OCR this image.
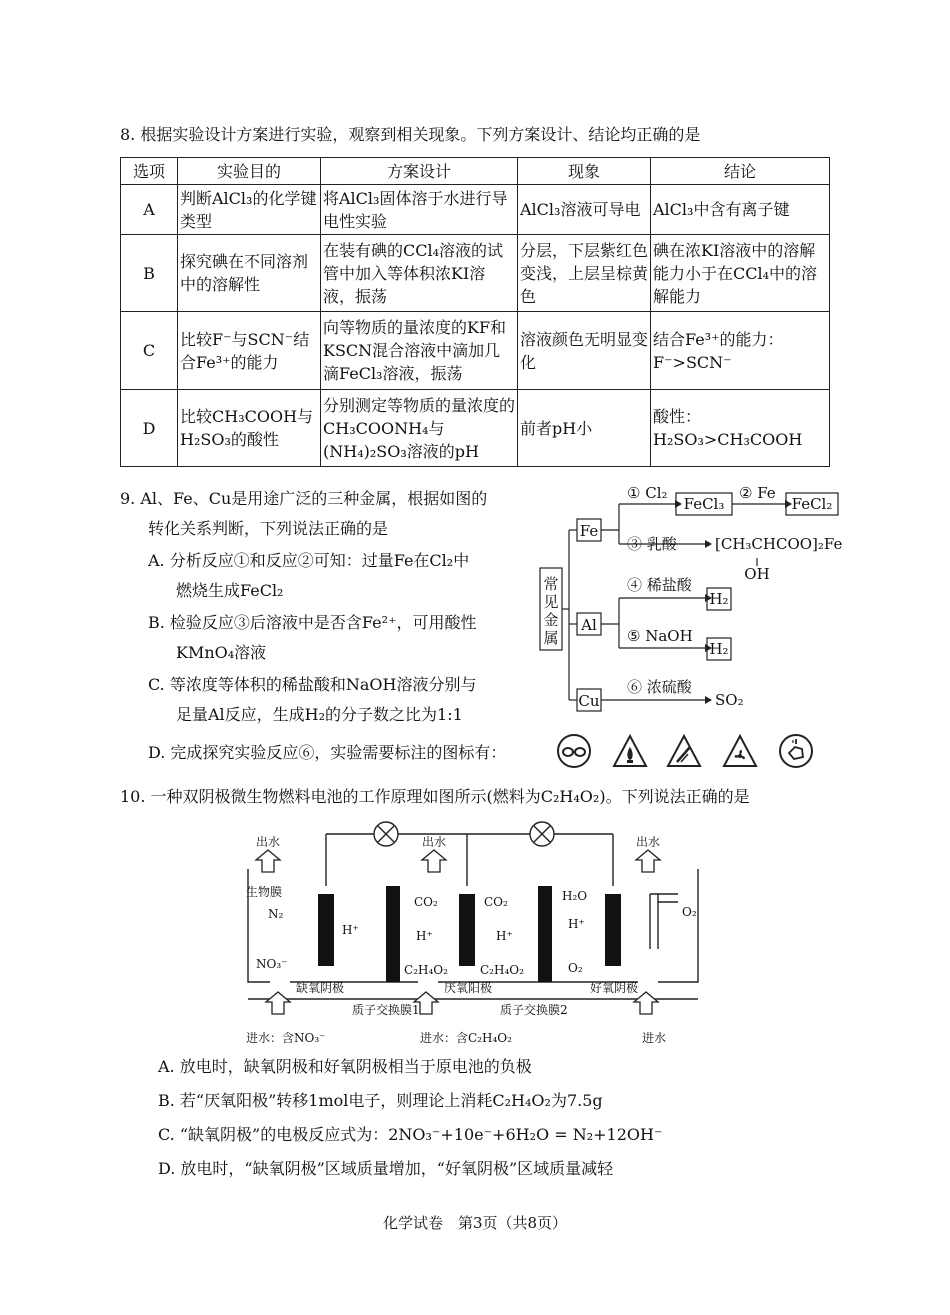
8. 根据实验设计方案进行实验，观察到相关现象。下列方案设计、结论均正确的是
选项	实验目的	方案设计	现象	结论
A	判断AlCl₃的化学键类型	将AlCl₃固体溶于水进行导电性实验	AlCl₃溶液可导电	AlCl₃中含有离子键
B	探究碘在不同溶剂中的溶解性	在装有碘的CCl₄溶液的试管中加入等体积浓KI溶液，振荡	分层，下层紫红色变浅，上层呈棕黄色	碘在浓KI溶液中的溶解能力小于在CCl₄中的溶解能力
C	比较F⁻与SCN⁻结合Fe³⁺的能力	向等物质的量浓度的KF和KSCN混合溶液中滴加几滴FeCl₃溶液，振荡	溶液颜色无明显变化	结合Fe³⁺的能力：F⁻>SCN⁻
D	比较CH₃COOH与H₂SO₃的酸性	分别测定等物质的量浓度的CH₃COONH₄与(NH₄)₂SO₃溶液的pH	前者pH小	酸性：H₂SO₃>CH₃COOH
9. Al、Fe、Cu是用途广泛的三种金属，根据如图的
转化关系判断，下列说法正确的是
A. 分析反应①和反应②可知：过量Fe在Cl₂中
燃烧生成FeCl₂
B. 检验反应③后溶液中是否含Fe²⁺，可用酸性
KMnO₄溶液
C. 等浓度等体积的稀盐酸和NaOH溶液分别与
足量Al反应，生成H₂的分子数之比为1:1
D. 完成探究实验反应⑥，实验需要标注的图标有：
常
见
金
属
Fe
Al
Cu
① Cl₂
FeCl₃
② Fe
FeCl₂
③ 乳酸	[CH₃CHCOO]₂Fe
OH
④ 稀盐酸
H₂
⑤ NaOH
H₂
⑥ 浓硫酸
SO₂
10. 一种双阴极微生物燃料电池的工作原理如图所示(燃料为C₂H₄O₂)。下列说法正确的是
出水	出水	出水
生物膜
N₂
NO₃⁻
H⁺
CO₂	CO₂
H⁺	H⁺
C₂H₄O₂	C₂H₄O₂
H₂O
H⁺
O₂
O₂
缺氧阴极	厌氧阳极	好氧阴极
质子交换膜1	质子交换膜2
进水：含NO₃⁻	进水：含C₂H₄O₂	进水
A. 放电时，缺氧阴极和好氧阴极相当于原电池的负极
B. 若“厌氧阳极”转移1mol电子，则理论上消耗C₂H₄O₂为7.5g
C. “缺氧阴极”的电极反应式为：2NO₃⁻+10e⁻+6H₂O = N₂+12OH⁻
D. 放电时，“缺氧阴极”区域质量增加，“好氧阴极”区域质量减轻
化学试卷　第3页（共8页）
